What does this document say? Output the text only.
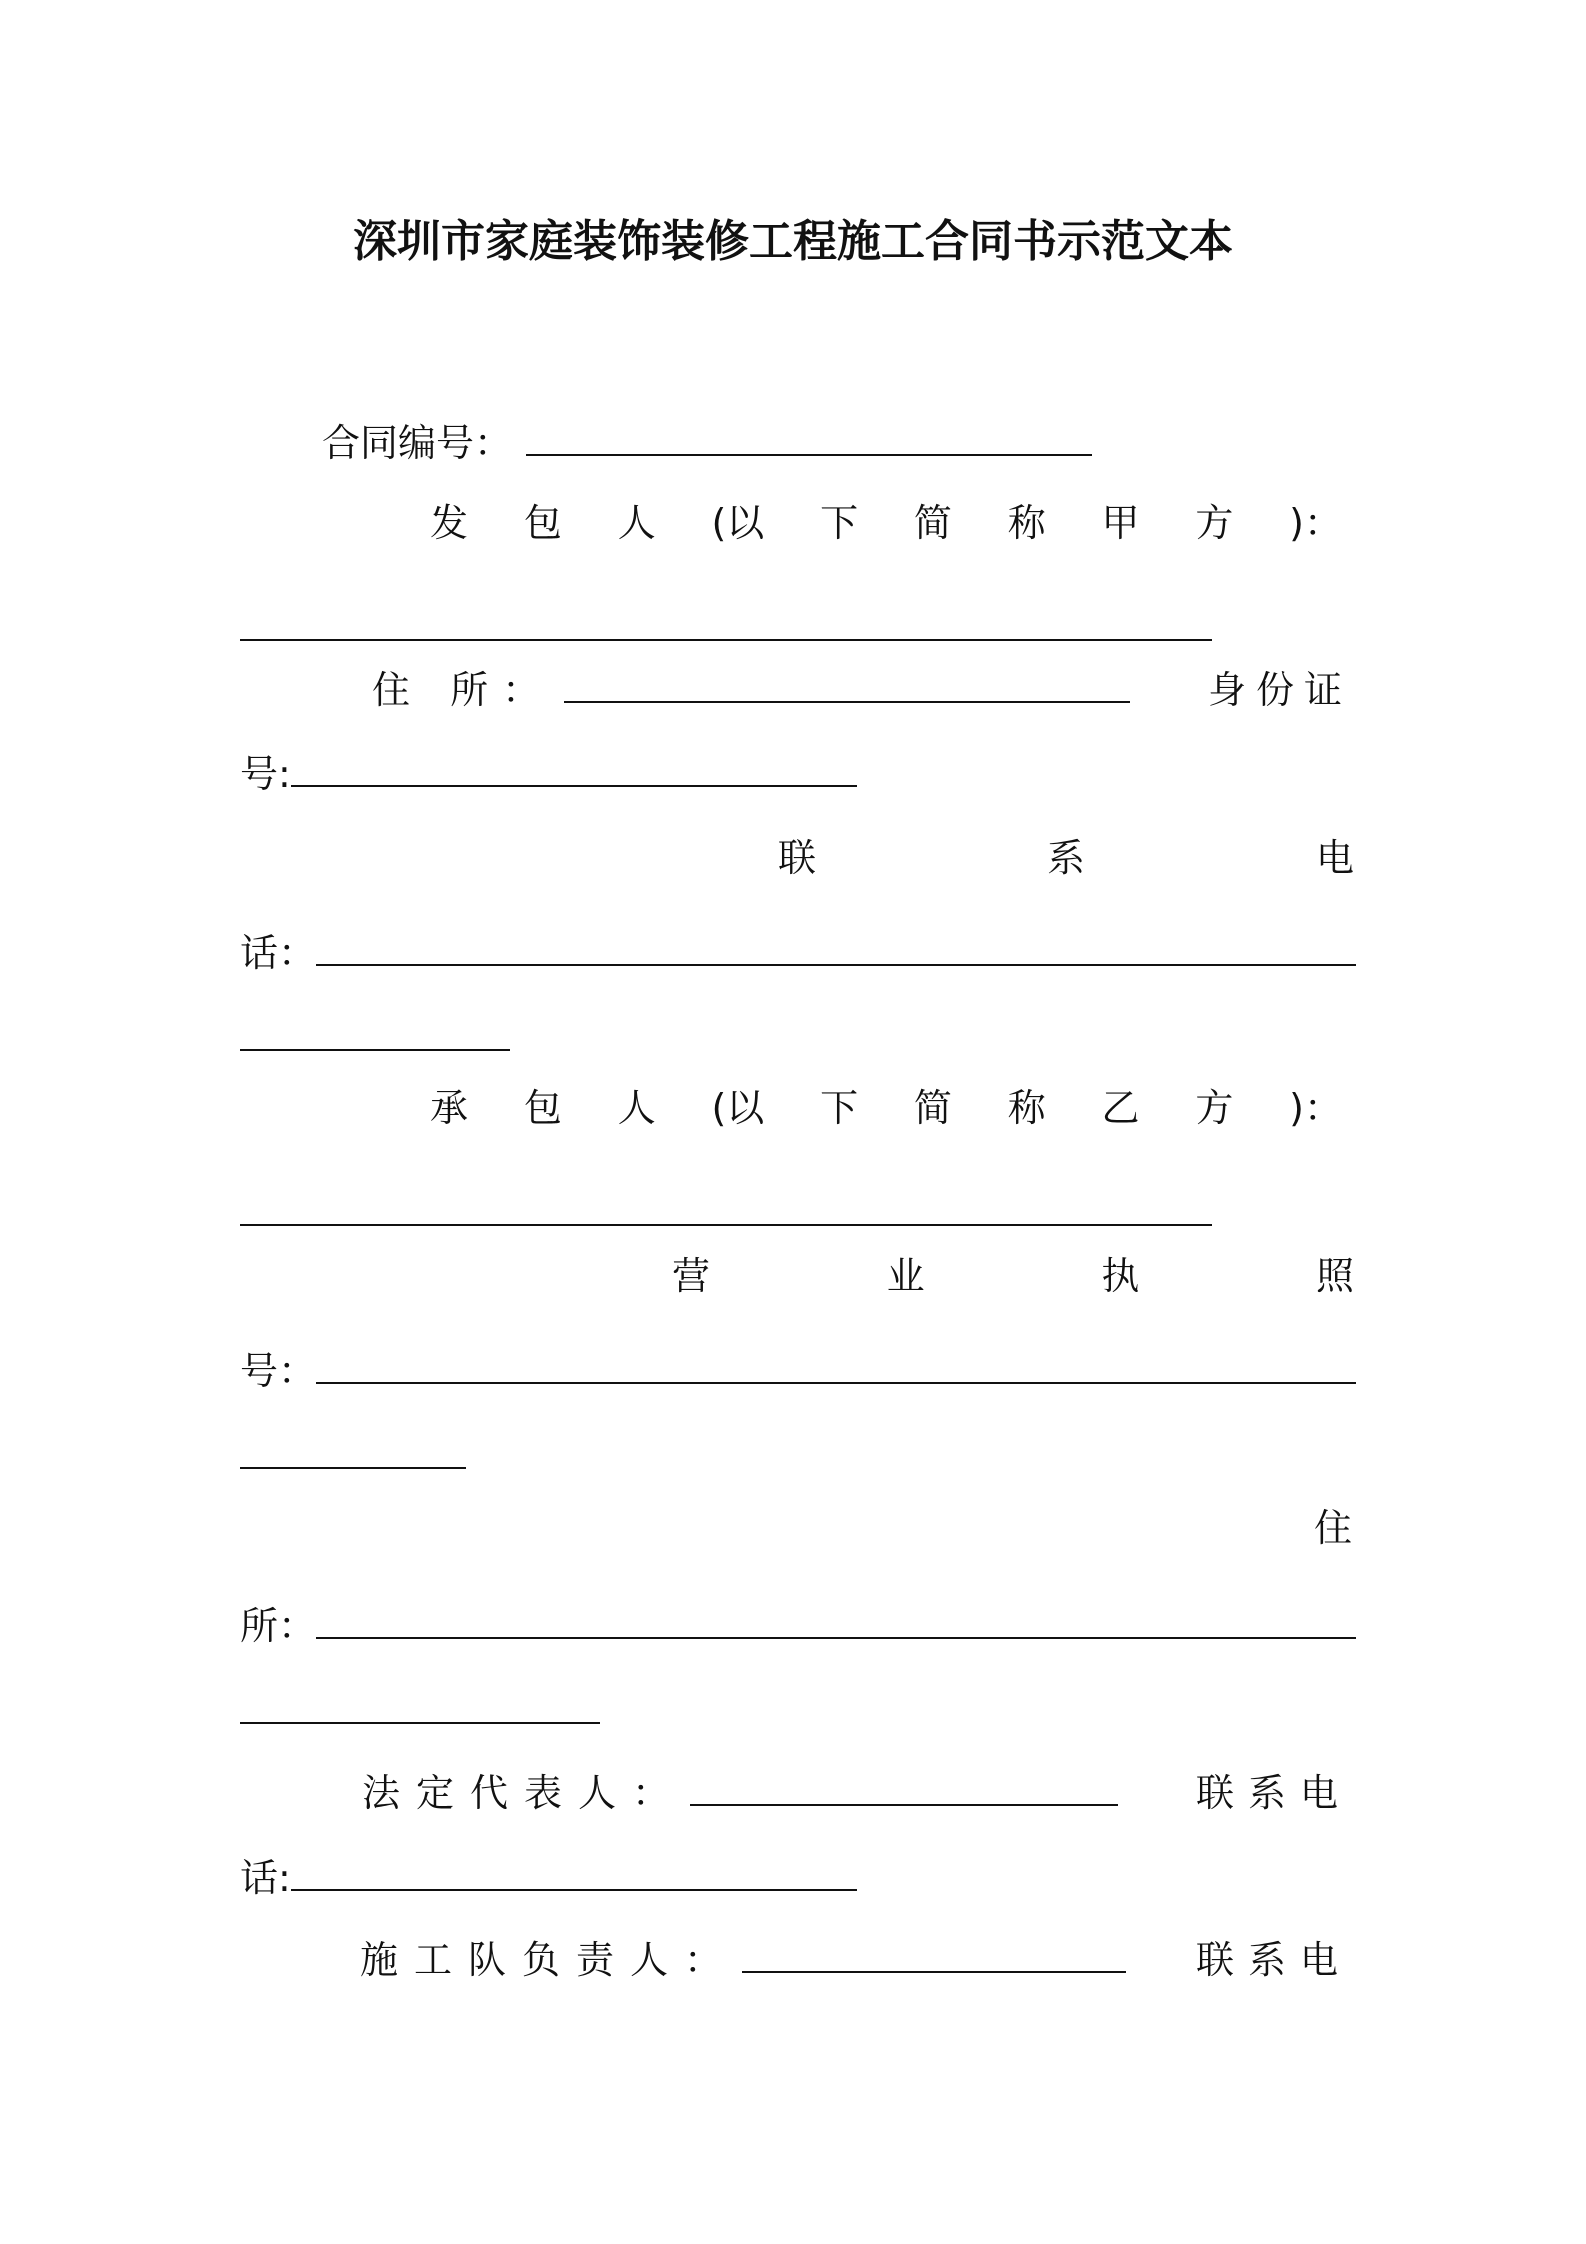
深圳市家庭装饰装修工程施工合同书示范文本
合同编号：
发 包 人 (以 下 简 称 甲 方 )：
住 所：	身份证
号:
联	系	电
话：
承 包 人 (以 下 简 称 乙 方 )：
营	业	执	照
号：
住
所：
法定代表人：	联系电
话:
施工队负责人：	联系电
